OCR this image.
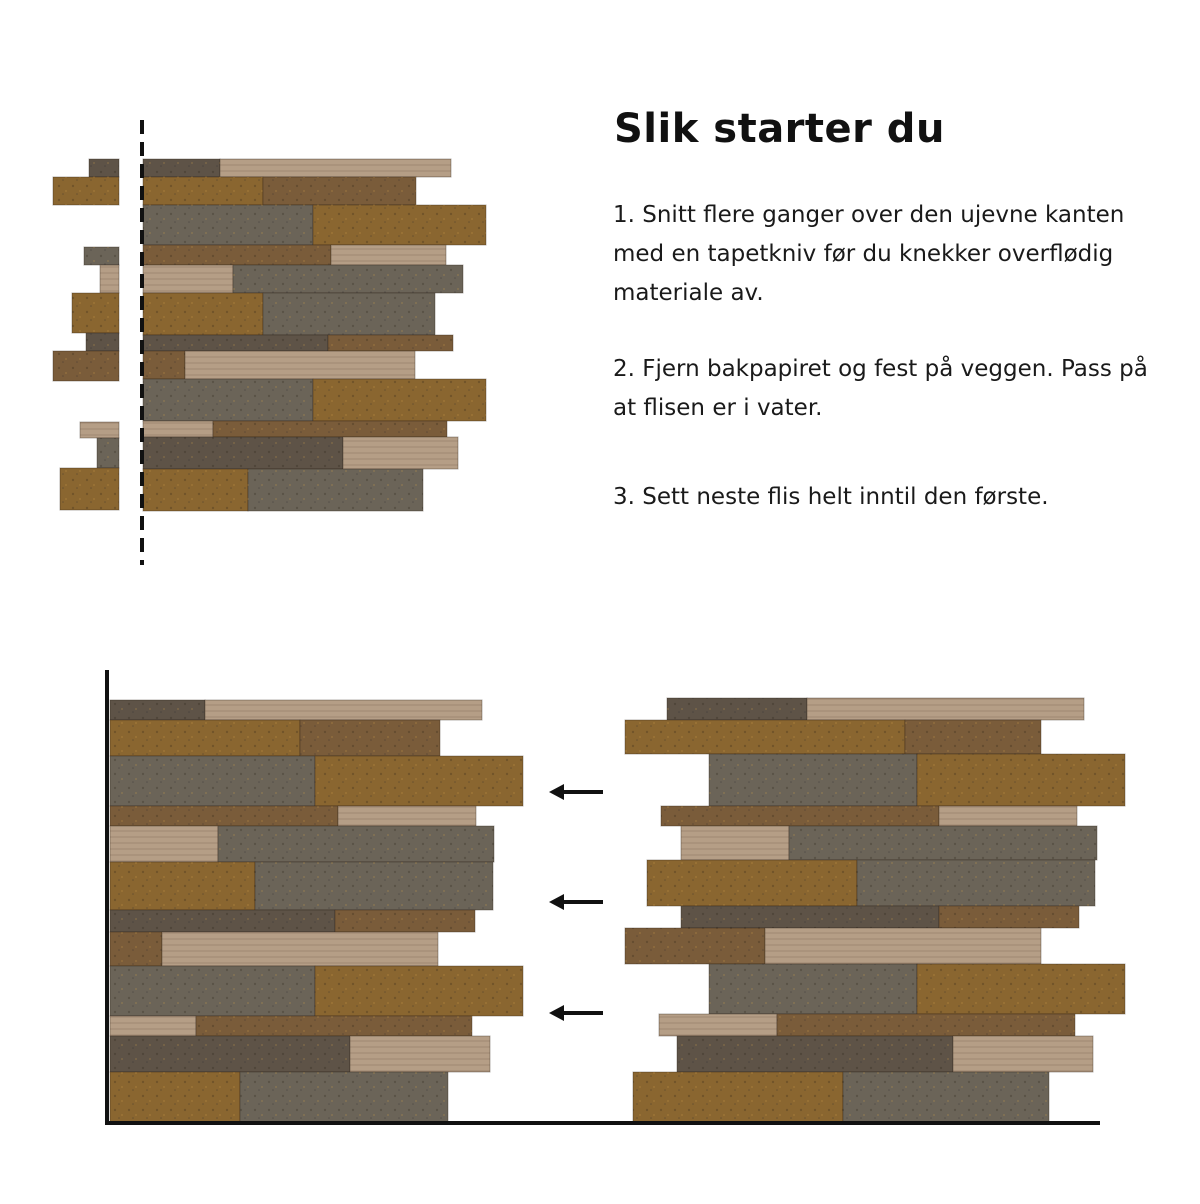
Slik starter du
1. Snitt flere ganger over den ujevne kanten med en tapetkniv før du knekker overflødig materiale av.
2. Fjern bakpapiret og fest på veggen. Pass på at flisen er i vater.
3. Sett neste flis helt inntil den første.
